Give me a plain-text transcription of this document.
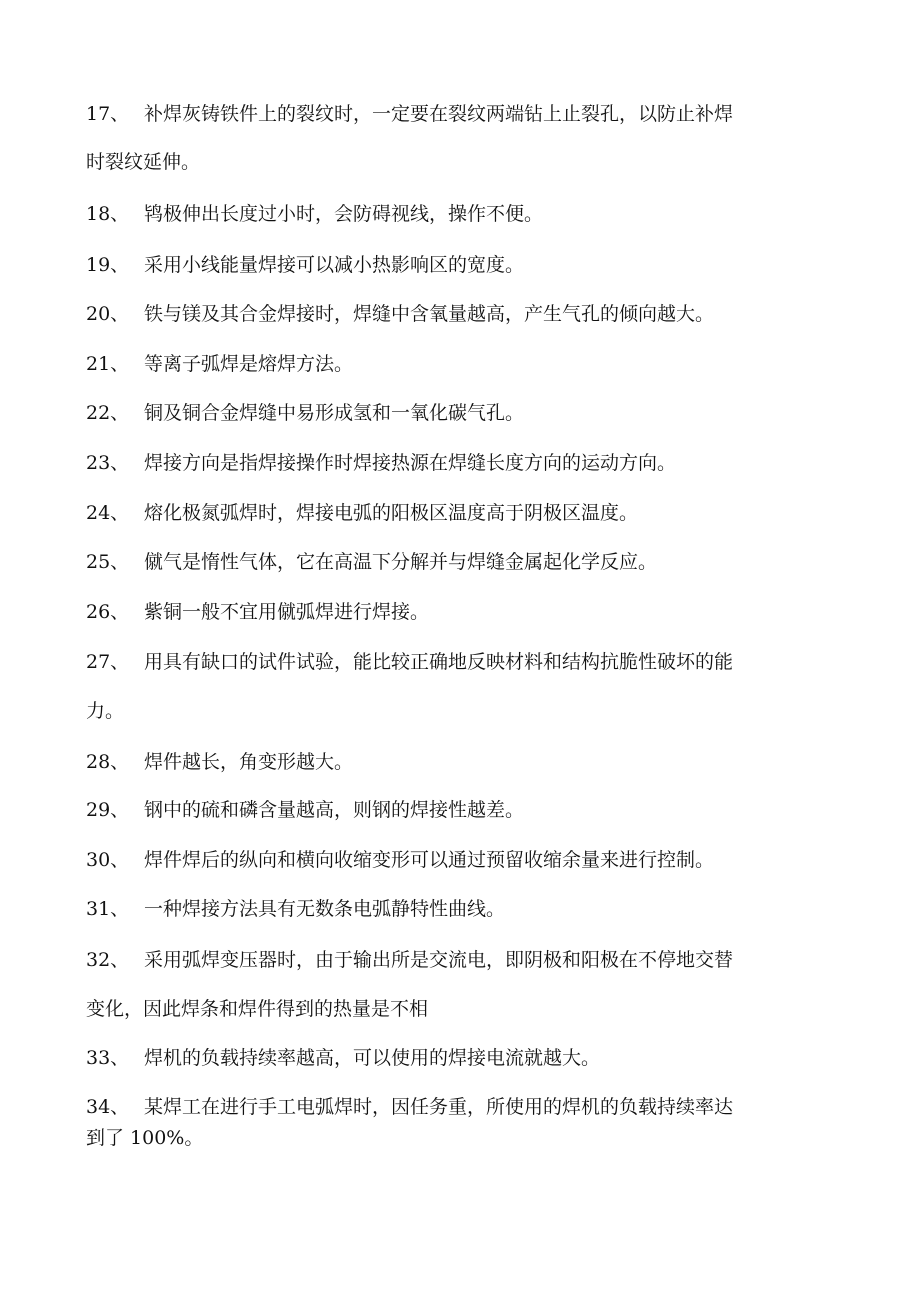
17、 补焊灰铸铁件上的裂纹时，一定要在裂纹两端钻上止裂孔，以防止补焊
时裂纹延伸。
18、 鸨极伸出长度过小时，会防碍视线，操作不便。
19、 采用小线能量焊接可以减小热影响区的宽度。
20、 铁与镁及其合金焊接时，焊缝中含氧量越高，产生气孔的倾向越大。
21、 等离子弧焊是熔焊方法。
22、 铜及铜合金焊缝中易形成氢和一氧化碳气孔。
23、 焊接方向是指焊接操作时焊接热源在焊缝长度方向的运动方向。
24、 熔化极氮弧焊时，焊接电弧的阳极区温度高于阴极区温度。
25、 僦气是惰性气体，它在高温下分解并与焊缝金属起化学反应。
26、 紫铜一般不宜用僦弧焊进行焊接。
27、 用具有缺口的试件试验，能比较正确地反映材料和结构抗脆性破坏的能
力。
28、 焊件越长，角变形越大。
29、 钢中的硫和磷含量越高，则钢的焊接性越差。
30、 焊件焊后的纵向和横向收缩变形可以通过预留收缩余量来进行控制。
31、 一种焊接方法具有无数条电弧静特性曲线。
32、 采用弧焊变压器时，由于输出所是交流电，即阴极和阳极在不停地交替
变化，因此焊条和焊件得到的热量是不相
33、 焊机的负载持续率越高，可以使用的焊接电流就越大。
34、 某焊工在进行手工电弧焊时，因任务重，所使用的焊机的负载持续率达
到了 100%。
